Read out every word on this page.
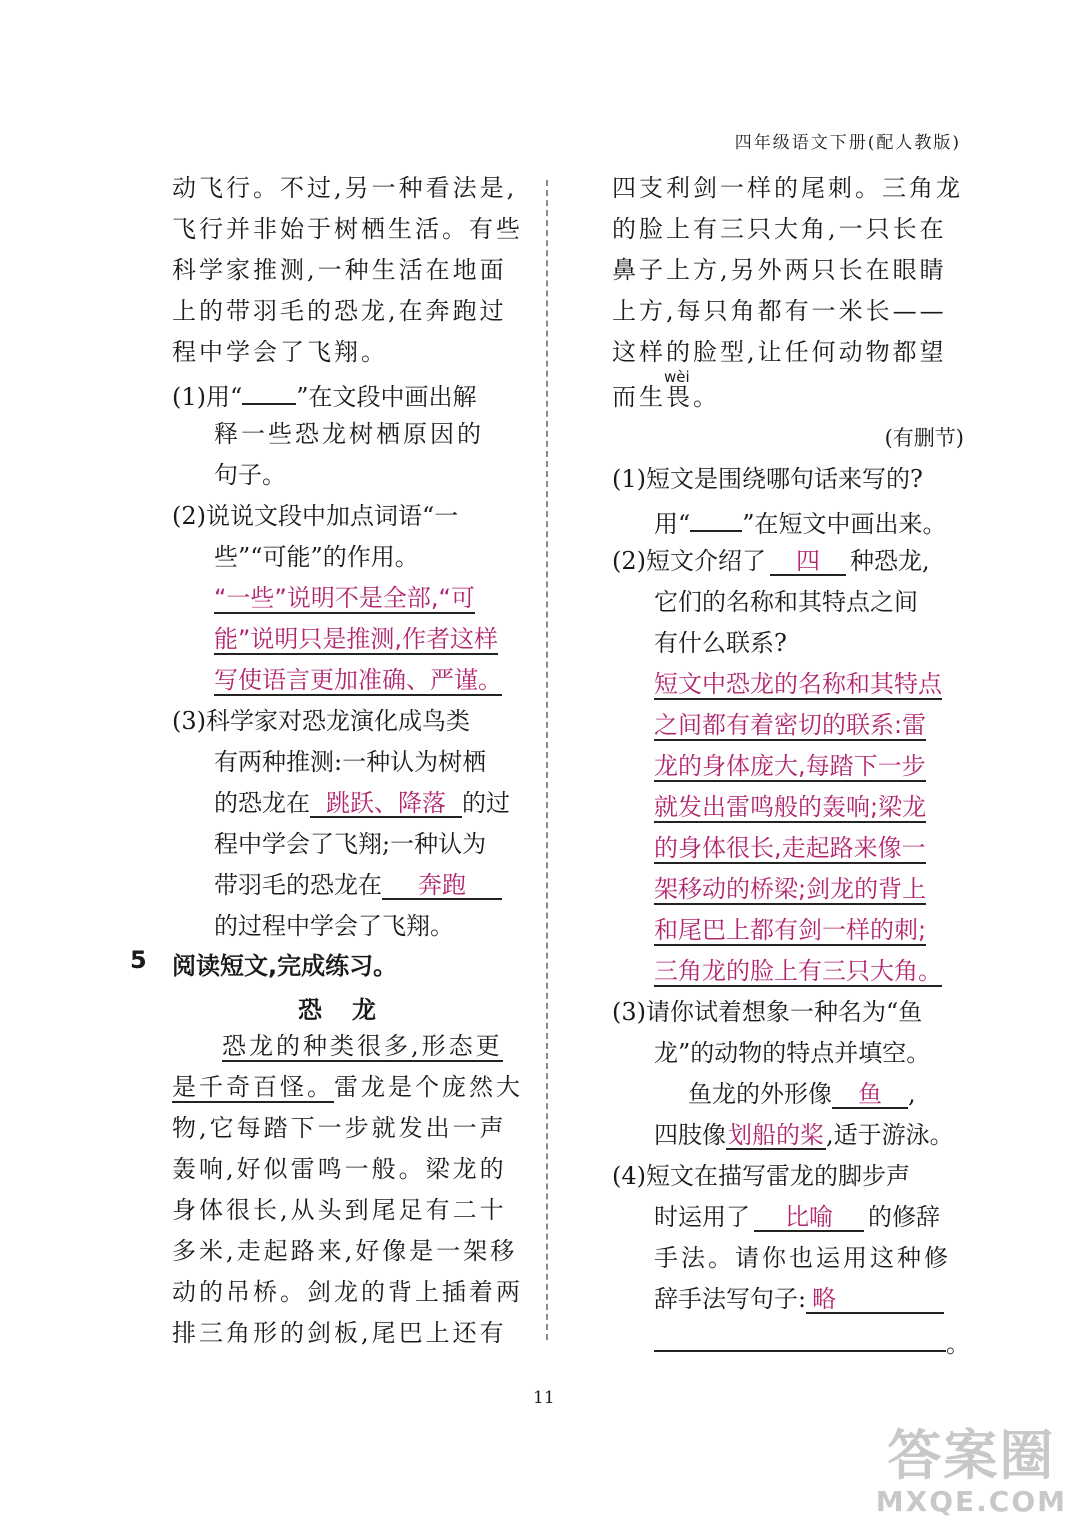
四年级语文下册(配人教版)
动飞行。不过,另一种看法是,
飞行并非始于树栖生活。有些
科学家推测,一种生活在地面
上的带羽毛的恐龙,在奔跑过
程中学会了飞翔。
(1)用“ ”在文段中画出解
释一些恐龙树栖原因的
句子。
(2)说说文段中加点词语“一
些”“可能”的作用。
“一些”说明不是全部,“可
能”说明只是推测,作者这样
写使语言更加准确、严谨。
(3)科学家对恐龙演化成鸟类
有两种推测:一种认为树栖
的恐龙在 跳跃、降落 的过
程中学会了飞翔;一种认为
带羽毛的恐龙在 奔跑
的过程中学会了飞翔。
5 阅读短文,完成练习。
恐龙
恐龙的种类很多,形态更
是千奇百怪。雷龙是个庞然大
物,它每踏下一步就发出一声
轰响,好似雷鸣一般。梁龙的
身体很长,从头到尾足有二十
多米,走起路来,好像是一架移
动的吊桥。剑龙的背上插着两
排三角形的剑板,尾巴上还有
wèi
四支利剑一样的尾刺。三角龙
的脸上有三只大角,一只长在
鼻子上方,另外两只长在眼睛
上方,每只角都有一米长——
这样的脸型,让任何动物都望
而生畏。
(有删节)
(1)短文是围绕哪句话来写的?
用“ ”在短文中画出来。
(2)短文介绍了 四 种恐龙,
它们的名称和其特点之间
有什么联系?
短文中恐龙的名称和其特点
之间都有着密切的联系:雷
龙的身体庞大,每踏下一步
就发出雷鸣般的轰响;梁龙
的身体很长,走起路来像一
架移动的桥梁;剑龙的背上
和尾巴上都有剑一样的刺;
三角龙的脸上有三只大角。
(3)请你试着想象一种名为“鱼
龙”的动物的特点并填空。
鱼龙的外形像 鱼 ,
四肢像划船的桨,适于游泳。
(4)短文在描写雷龙的脚步声
时运用了 比喻 的修辞
手法。请你也运用这种修
辞手法写句子: 略
。
11
答案圈
MXQE.COM
